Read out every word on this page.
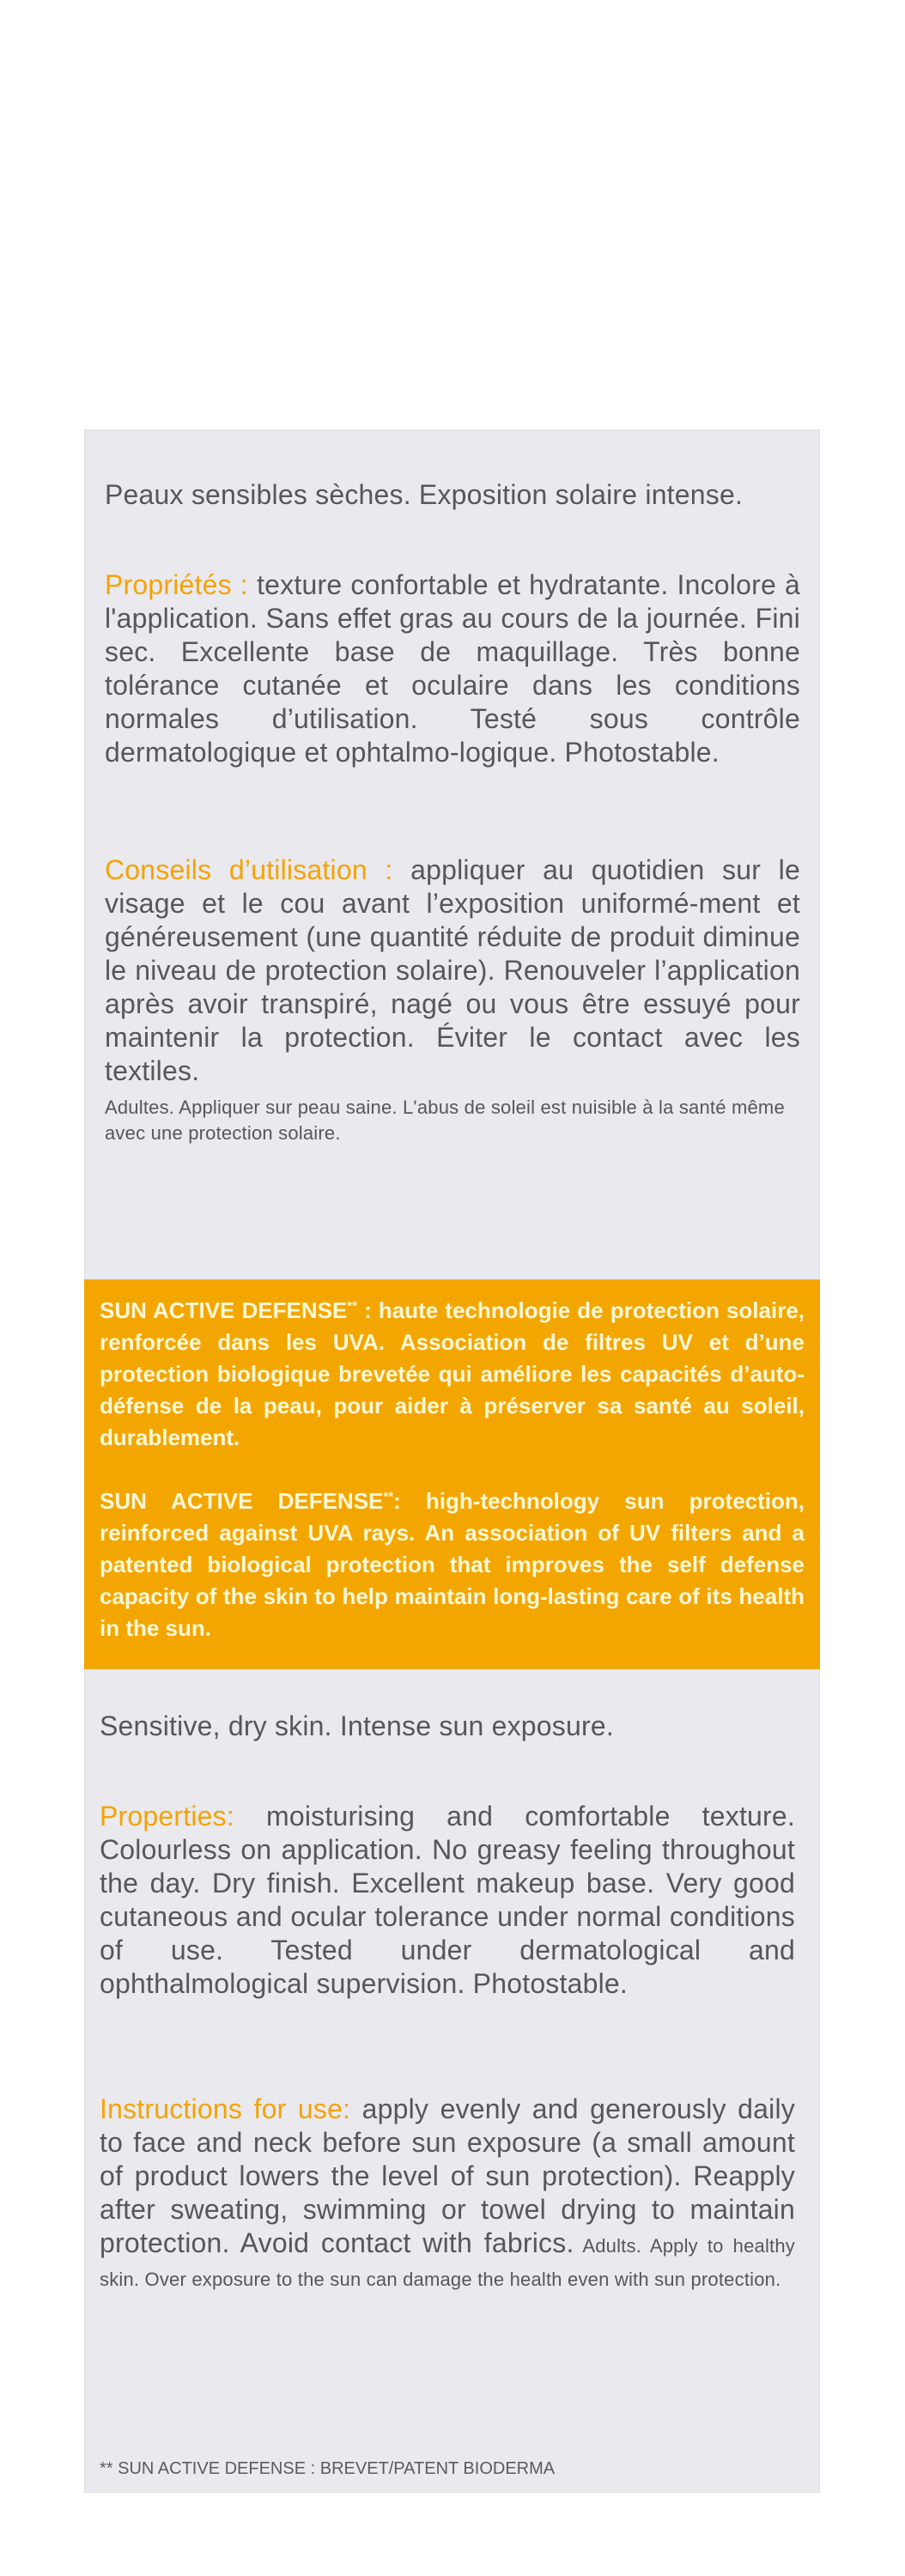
Peaux sensibles sèches. Exposition solaire intense.
Propriétés : texture confortable et hydratante. Incolore à l'application. Sans effet gras au cours de la journée. Fini sec. Excellente base de maquillage. Très bonne tolérance cutanée et oculaire dans les conditions normales d’utilisation. Testé sous contrôle dermatologique et ophtalmo-logique. Photostable.
Conseils d’utilisation : appliquer au quotidien sur le visage et le cou avant l’exposition uniformé-ment et généreusement (une quantité réduite de produit diminue le niveau de protection solaire). Renouveler l’application après avoir transpiré, nagé ou vous être essuyé pour maintenir la protection. Éviter le contact avec les textiles.
Adultes. Appliquer sur peau saine. L'abus de soleil est nuisible à la santé même avec une protection solaire.
SUN ACTIVE DEFENSE** : haute technologie de protection solaire, renforcée dans les UVA. Association de filtres UV et d’une protection biologique brevetée qui améliore les capacités d’auto-défense de la peau, pour aider à préserver sa santé au soleil, durablement.
SUN ACTIVE DEFENSE**: high-technology sun protection, reinforced against UVA rays. An association of UV filters and a patented biological protection that improves the self defense capacity of the skin to help maintain long-lasting care of its health in the sun.
Sensitive, dry skin. Intense sun exposure.
Properties: moisturising and comfortable texture. Colourless on application. No greasy feeling throughout the day. Dry finish. Excellent makeup base. Very good cutaneous and ocular tolerance under normal conditions of use. Tested under dermatological and ophthalmological supervision. Photostable.
Instructions for use: apply evenly and generously daily to face and neck before sun exposure (a small amount of product lowers the level of sun protection). Reapply after sweating, swimming or towel drying to maintain protection. Avoid contact with fabrics. Adults. Apply to healthy skin. Over exposure to the sun can damage the health even with sun protection.
** SUN ACTIVE DEFENSE : BREVET/PATENT BIODERMA
